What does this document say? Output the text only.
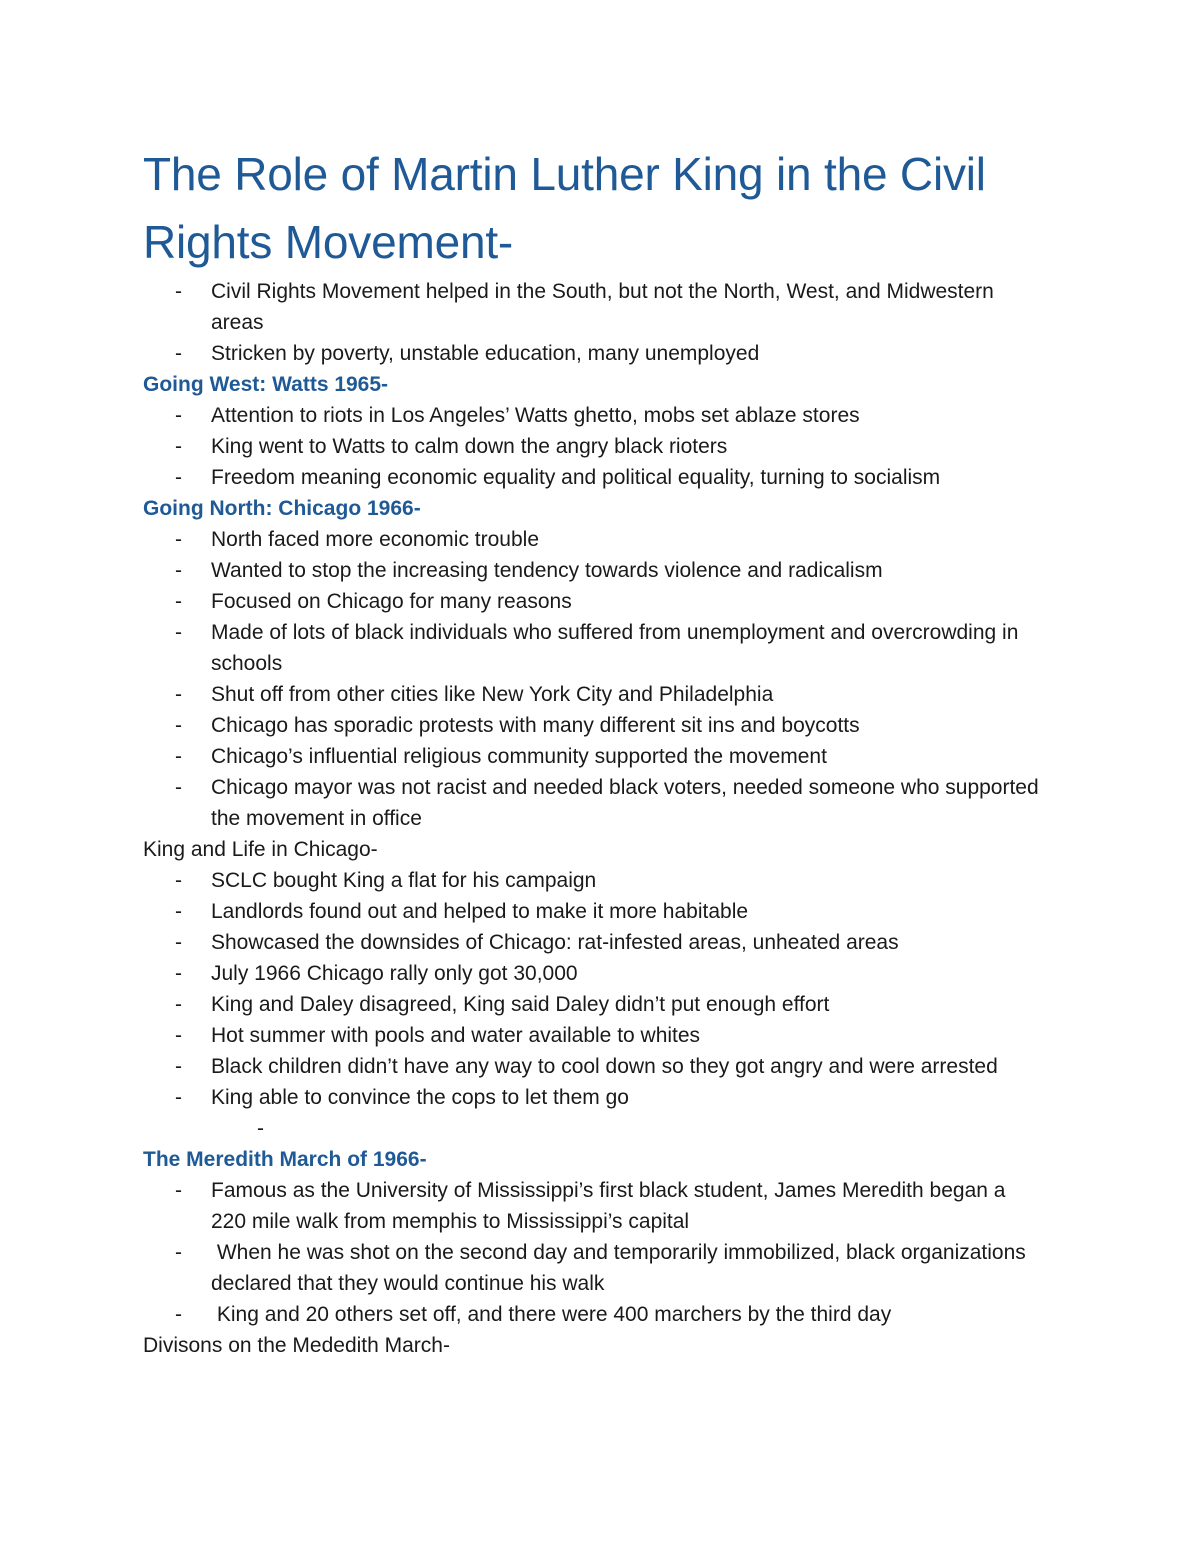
The Role of Martin Luther King in the Civil Rights Movement-
- Civil Rights Movement helped in the South, but not the North, West, and Midwestern areas
- Stricken by poverty, unstable education, many unemployed
Going West: Watts 1965-
- Attention to riots in Los Angeles’ Watts ghetto, mobs set ablaze stores
- King went to Watts to calm down the angry black rioters
- Freedom meaning economic equality and political equality, turning to socialism
Going North: Chicago 1966-
- North faced more economic trouble
- Wanted to stop the increasing tendency towards violence and radicalism
- Focused on Chicago for many reasons
- Made of lots of black individuals who suffered from unemployment and overcrowding in schools
- Shut off from other cities like New York City and Philadelphia
- Chicago has sporadic protests with many different sit ins and boycotts
- Chicago’s influential religious community supported the movement
- Chicago mayor was not racist and needed black voters, needed someone who supported the movement in office

King and Life in Chicago-

- SCLC bought King a flat for his campaign
- Landlords found out and helped to make it more habitable
- Showcased the downsides of Chicago: rat-infested areas, unheated areas
- July 1966 Chicago rally only got 30,000
- King and Daley disagreed, King said Daley didn’t put enough effort
- Hot summer with pools and water available to whites
- Black children didn’t have any way to cool down so they got angry and were arrested
- King able to convince the cops to let them go
-
The Meredith March of 1966-
- Famous as the University of Mississippi’s first black student, James Meredith began a 220 mile walk from memphis to Mississippi’s capital
- When he was shot on the second day and temporarily immobilized, black organizations declared that they would continue his walk
- King and 20 others set off, and there were 400 marchers by the third day

Divisons on the Mededith March-
